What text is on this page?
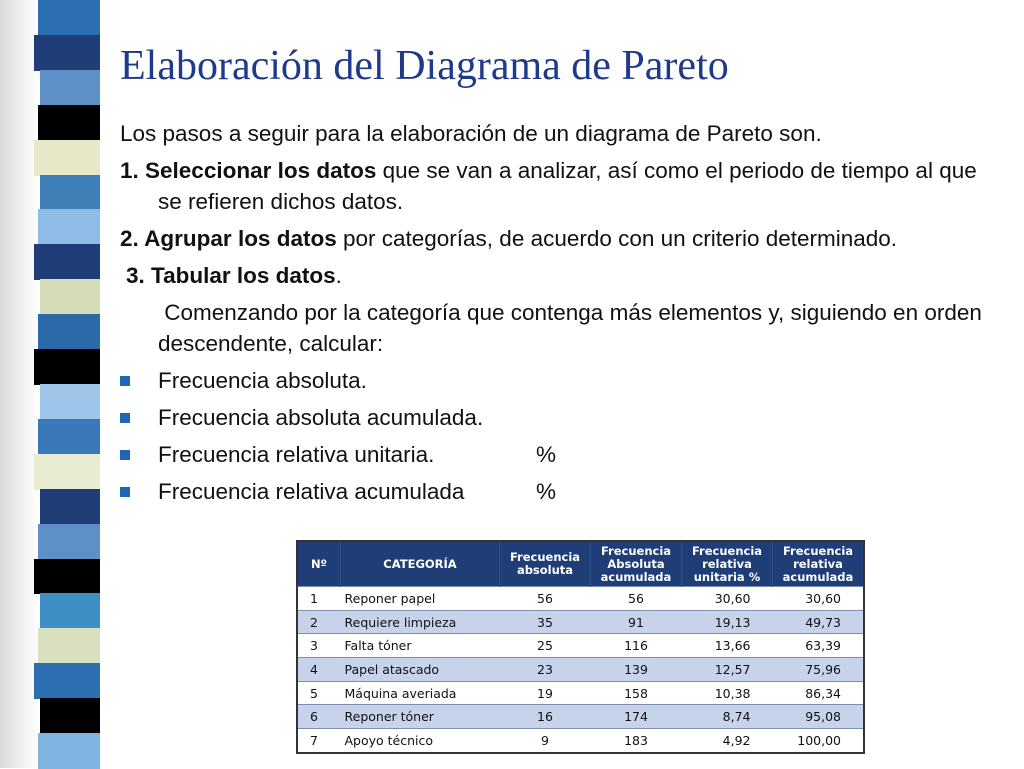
Elaboración del Diagrama de Pareto

Los pasos a seguir para la elaboración de un diagrama de Pareto son.

1. Seleccionar los datos que se van a analizar, así como el periodo de tiempo al que se refieren dichos datos.

2. Agrupar los datos por categorías, de acuerdo con un criterio determinado.

3. Tabular los datos.

Comenzando por la categoría que contenga más elementos y, siguiendo en orden descendente, calcular:

Frecuencia absoluta.
Frecuencia absoluta acumulada.
Frecuencia relativa unitaria.	%
Frecuencia relativa acumulada	%
Nº	CATEGORÍA	Frecuencia absoluta	Frecuencia Absoluta acumulada	Frecuencia relativa unitaria %	Frecuencia relativa acumulada
1	Reponer papel	56	56	30,60	30,60
2	Requiere limpieza	35	91	19,13	49,73
3	Falta tóner	25	116	13,66	63,39
4	Papel atascado	23	139	12,57	75,96
5	Máquina averiada	19	158	10,38	86,34
6	Reponer tóner	16	174	8,74	95,08
7	Apoyo técnico	9	183	4,92	100,00
